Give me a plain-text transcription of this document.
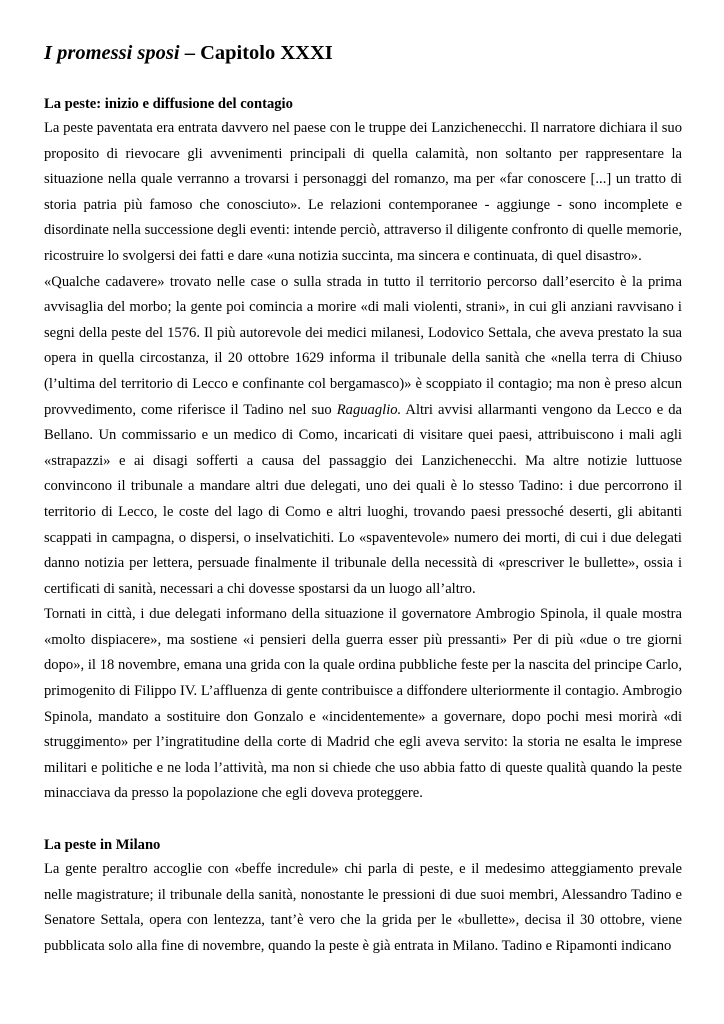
I promessi sposi – Capitolo XXXI
La peste: inizio e diffusione del contagio

La peste paventata era entrata davvero nel paese con le truppe dei Lanzichenecchi. Il narratore dichiara il suo proposito di rievocare gli avvenimenti principali di quella calamità, non soltanto per rappresentare la situazione nella quale verranno a trovarsi i personaggi del romanzo, ma per «far conoscere [...] un tratto di storia patria più famoso che conosciuto». Le relazioni contemporanee - aggiunge - sono incomplete e disordinate nella successione degli eventi: intende perciò, attraverso il diligente confronto di quelle memorie, ricostruire lo svolgersi dei fatti e dare «una notizia succinta, ma sincera e continuata, di quel disastro».

«Qualche cadavere» trovato nelle case o sulla strada in tutto il territorio percorso dall’esercito è la prima avvisaglia del morbo; la gente poi comincia a morire «di mali violenti, strani», in cui gli anziani ravvisano i segni della peste del 1576. Il più autorevole dei medici milanesi, Lodovico Settala, che aveva prestato la sua opera in quella circostanza, il 20 ottobre 1629 informa il tribunale della sanità che «nella terra di Chiuso (l’ultima del territorio di Lecco e confinante col bergamasco)» è scoppiato il contagio; ma non è preso alcun provvedimento, come riferisce il Tadino nel suo Raguaglio. Altri avvisi allarmanti vengono da Lecco e da Bellano. Un commissario e un medico di Como, incaricati di visitare quei paesi, attribuiscono i mali agli «strapazzi» e ai disagi sofferti a causa del passaggio dei Lanzichenecchi. Ma altre notizie luttuose convincono il tribunale a mandare altri due delegati, uno dei quali è lo stesso Tadino: i due percorrono il territorio di Lecco, le coste del lago di Como e altri luoghi, trovando paesi pressoché deserti, gli abitanti scappati in campagna, o dispersi, o inselvatichiti. Lo «spaventevole» numero dei morti, di cui i due delegati danno notizia per lettera, persuade finalmente il tribunale della necessità di «prescriver le bullette», ossia i certificati di sanità, necessari a chi dovesse spostarsi da un luogo all’altro.

Tornati in città, i due delegati informano della situazione il governatore Ambrogio Spinola, il quale mostra «molto dispiacere», ma sostiene «i pensieri della guerra esser più pressanti» Per di più «due o tre giorni dopo», il 18 novembre, emana una grida con la quale ordina pubbliche feste per la nascita del principe Carlo, primogenito di Filippo IV. L’affluenza di gente contribuisce a diffondere ulteriormente il contagio. Ambrogio Spinola, mandato a sostituire don Gonzalo e «incidentemente» a governare, dopo pochi mesi morirà «di struggimento» per l’ingratitudine della corte di Madrid che egli aveva servito: la storia ne esalta le imprese militari e politiche e ne loda l’attività, ma non si chiede che uso abbia fatto di queste qualità quando la peste minacciava da presso la popolazione che egli doveva proteggere.

La peste in Milano

La gente peraltro accoglie con «beffe incredule» chi parla di peste, e il medesimo atteggiamento prevale nelle magistrature; il tribunale della sanità, nonostante le pressioni di due suoi membri, Alessandro Tadino e Senatore Settala, opera con lentezza, tant’è vero che la grida per le «bullette», decisa il 30 ottobre, viene pubblicata solo alla fine di novembre, quando la peste è già entrata in Milano. Tadino e Ripamonti indicano
